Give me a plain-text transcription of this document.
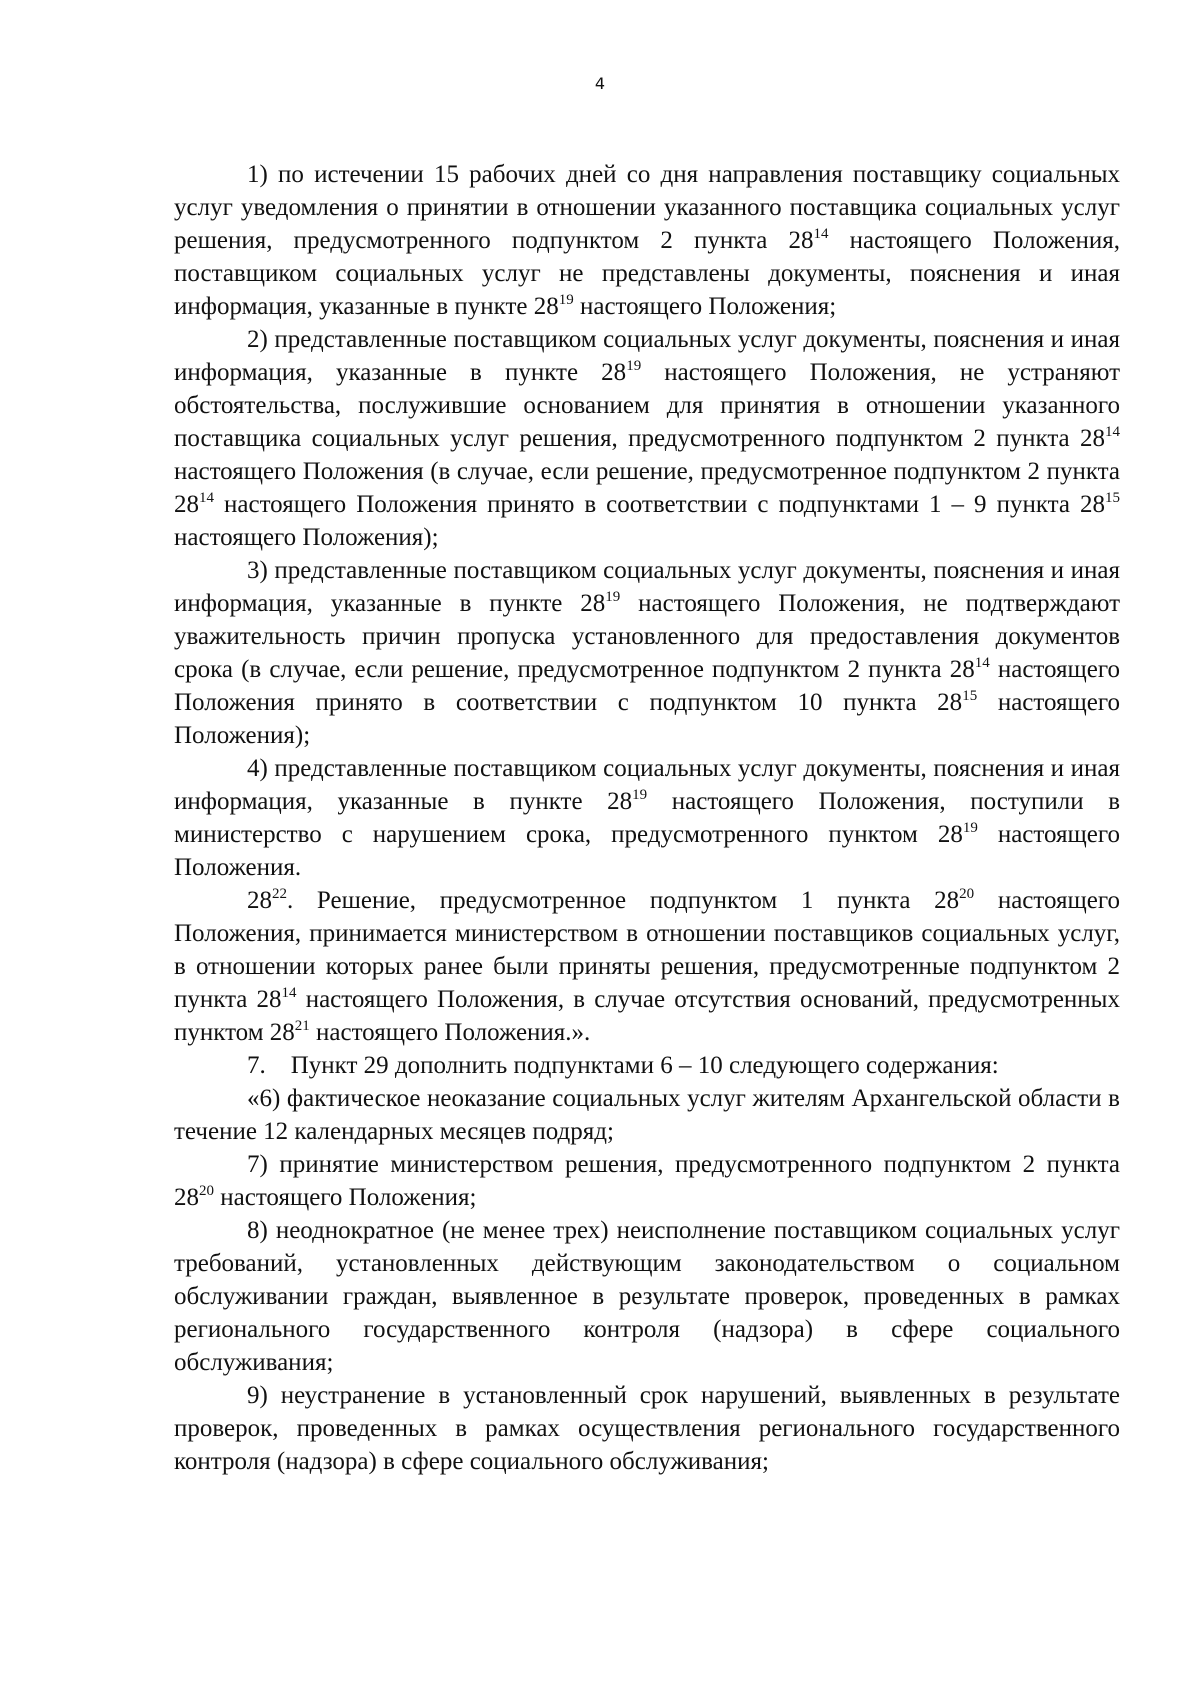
4

1) по истечении 15 рабочих дней со дня направления поставщику социальных услуг уведомления о принятии в отношении указанного поставщика социальных услуг решения, предусмотренного подпунктом 2 пункта $28^{14}$ настоящего Положения, поставщиком социальных услуг не представлены документы, пояснения и иная информация, указанные в пункте $28^{19}$ настоящего Положения;

2) представленные поставщиком социальных услуг документы, пояснения и иная информация, указанные в пункте $28^{19}$ настоящего Положения, не устраняют обстоятельства, послужившие основанием для принятия в отношении указанного поставщика социальных услуг решения, предусмотренного подпунктом 2 пункта $28^{14}$ настоящего Положения (в случае, если решение, предусмотренное подпунктом 2 пункта $28^{14}$ настоящего Положения принято в соответствии с подпунктами 1 – 9 пункта $28^{15}$ настоящего Положения);

3) представленные поставщиком социальных услуг документы, пояснения и иная информация, указанные в пункте $28^{19}$ настоящего Положения, не подтверждают уважительность причин пропуска установленного для предоставления документов срока (в случае, если решение, предусмотренное подпунктом 2 пункта $28^{14}$ настоящего Положения принято в соответствии с подпунктом 10 пункта $28^{15}$ настоящего Положения);

4) представленные поставщиком социальных услуг документы, пояснения и иная информация, указанные в пункте $28^{19}$ настоящего Положения, поступили в министерство с нарушением срока, предусмотренного пунктом $28^{19}$ настоящего Положения.

$28^{22}$. Решение, предусмотренное подпунктом 1 пункта $28^{20}$ настоящего Положения, принимается министерством в отношении поставщиков социальных услуг, в отношении которых ранее были приняты решения, предусмотренные подпунктом 2 пункта $28^{14}$ настоящего Положения, в случае отсутствия оснований, предусмотренных пунктом $28^{21}$ настоящего Положения.».

7. Пункт 29 дополнить подпунктами 6 – 10 следующего содержания:

«6) фактическое неоказание социальных услуг жителям Архангельской области в течение 12 календарных месяцев подряд;

7) принятие министерством решения, предусмотренного подпунктом 2 пункта $28^{20}$ настоящего Положения;

8) неоднократное (не менее трех) неисполнение поставщиком социальных услуг требований, установленных действующим законодательством о социальном обслуживании граждан, выявленное в результате проверок, проведенных в рамках регионального государственного контроля (надзора) в сфере социального обслуживания;

9) неустранение в установленный срок нарушений, выявленных в результате проверок, проведенных в рамках осуществления регионального государственного контроля (надзора) в сфере социального обслуживания;
